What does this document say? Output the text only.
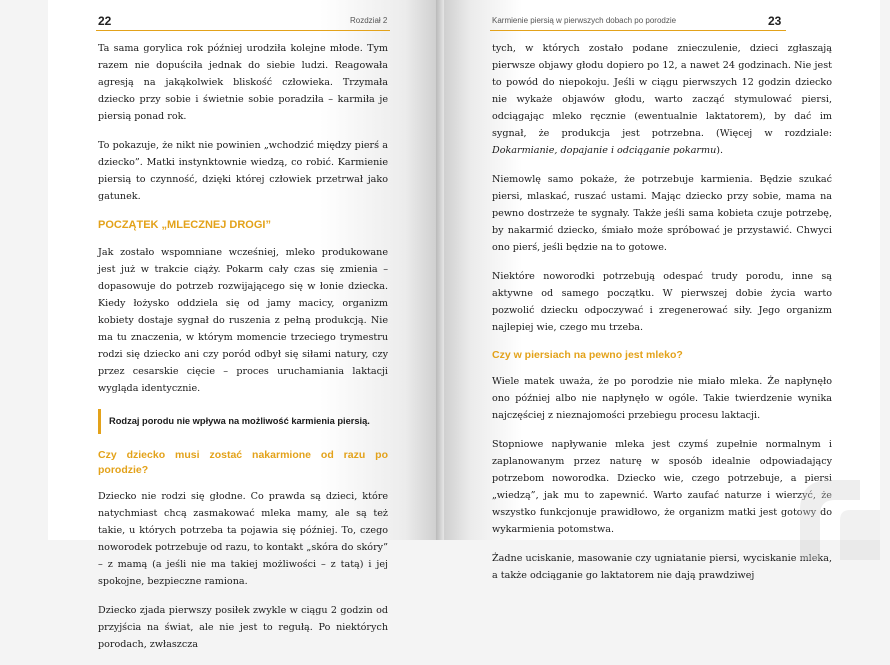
22	Rozdział 2

Ta sama gorylica rok później urodziła kolejne młode. Tym razem nie dopuściła jednak do siebie ludzi. Reagowała agresją na jakąkolwiek bliskość człowieka. Trzymała dziecko przy sobie i świetnie sobie poradziła – karmiła je piersią ponad rok.

To pokazuje, że nikt nie powinien „wchodzić między pierś a dziecko”. Matki instynktownie wiedzą, co robić. Karmienie piersią to czynność, dzięki której człowiek przetrwał jako gatunek.

POCZĄTEK „MLECZNEJ DROGI”

Jak zostało wspomniane wcześniej, mleko produkowane jest już w trakcie ciąży. Pokarm cały czas się zmienia – dopasowuje do potrzeb rozwijającego się w łonie dziecka. Kiedy łożysko oddziela się od jamy macicy, organizm kobiety dostaje sygnał do ruszenia z pełną produkcją. Nie ma tu znaczenia, w którym momencie trzeciego trymestru rodzi się dziecko ani czy poród odbył się siłami natury, czy przez cesarskie cięcie – proces uruchamiania laktacji wygląda identycznie.

Rodzaj porodu nie wpływa na możliwość karmienia piersią.
Czy dziecko musi zostać nakarmione od razu po porodzie?

Dziecko nie rodzi się głodne. Co prawda są dzieci, które natychmiast chcą zasmakować mleka mamy, ale są też takie, u których potrzeba ta pojawia się później. To, czego noworodek potrzebuje od razu, to kontakt „skóra do skóry” – z mamą (a jeśli nie ma takiej możliwości – z tatą) i jej spokojne, bezpieczne ramiona.

Dziecko zjada pierwszy posiłek zwykle w ciągu 2 godzin od przyjścia na świat, ale nie jest to regułą. Po niektórych porodach, zwłaszcza

Karmienie piersią w pierwszych dobach po porodzie	23

tych, w których zostało podane znieczulenie, dzieci zgłaszają pierwsze objawy głodu dopiero po 12, a nawet 24 godzinach. Nie jest to powód do niepokoju. Jeśli w ciągu pierwszych 12 godzin dziecko nie wykaże objawów głodu, warto zacząć stymulować piersi, odciągając mleko ręcznie (ewentualnie laktatorem), by dać im sygnał, że produkcja jest potrzebna. (Więcej w rozdziale: Dokarmianie, dopajanie i odciąganie pokarmu).

Niemowlę samo pokaże, że potrzebuje karmienia. Będzie szukać piersi, mlaskać, ruszać ustami. Mając dziecko przy sobie, mama na pewno dostrzeże te sygnały. Także jeśli sama kobieta czuje potrzebę, by nakarmić dziecko, śmiało może spróbować je przystawić. Chwyci ono pierś, jeśli będzie na to gotowe.

Niektóre noworodki potrzebują odespać trudy porodu, inne są aktywne od samego początku. W pierwszej dobie życia warto pozwolić dziecku odpoczywać i zregenerować siły. Jego organizm najlepiej wie, czego mu trzeba.

Czy w piersiach na pewno jest mleko?

Wiele matek uważa, że po porodzie nie miało mleka. Że napłynęło ono później albo nie napłynęło w ogóle. Takie twierdzenie wynika najczęściej z nieznajomości przebiegu procesu laktacji.

Stopniowe napływanie mleka jest czymś zupełnie normalnym i zaplanowanym przez naturę w sposób idealnie odpowiadający potrzebom noworodka. Dziecko wie, czego potrzebuje, a piersi „wiedzą”, jak mu to zapewnić. Warto zaufać naturze i wierzyć, że wszystko funkcjonuje prawidłowo, że organizm matki jest gotowy do wykarmienia potomstwa.

Żadne uciskanie, masowanie czy ugniatanie piersi, wyciskanie mleka, a także odciąganie go laktatorem nie dają prawdziwej
